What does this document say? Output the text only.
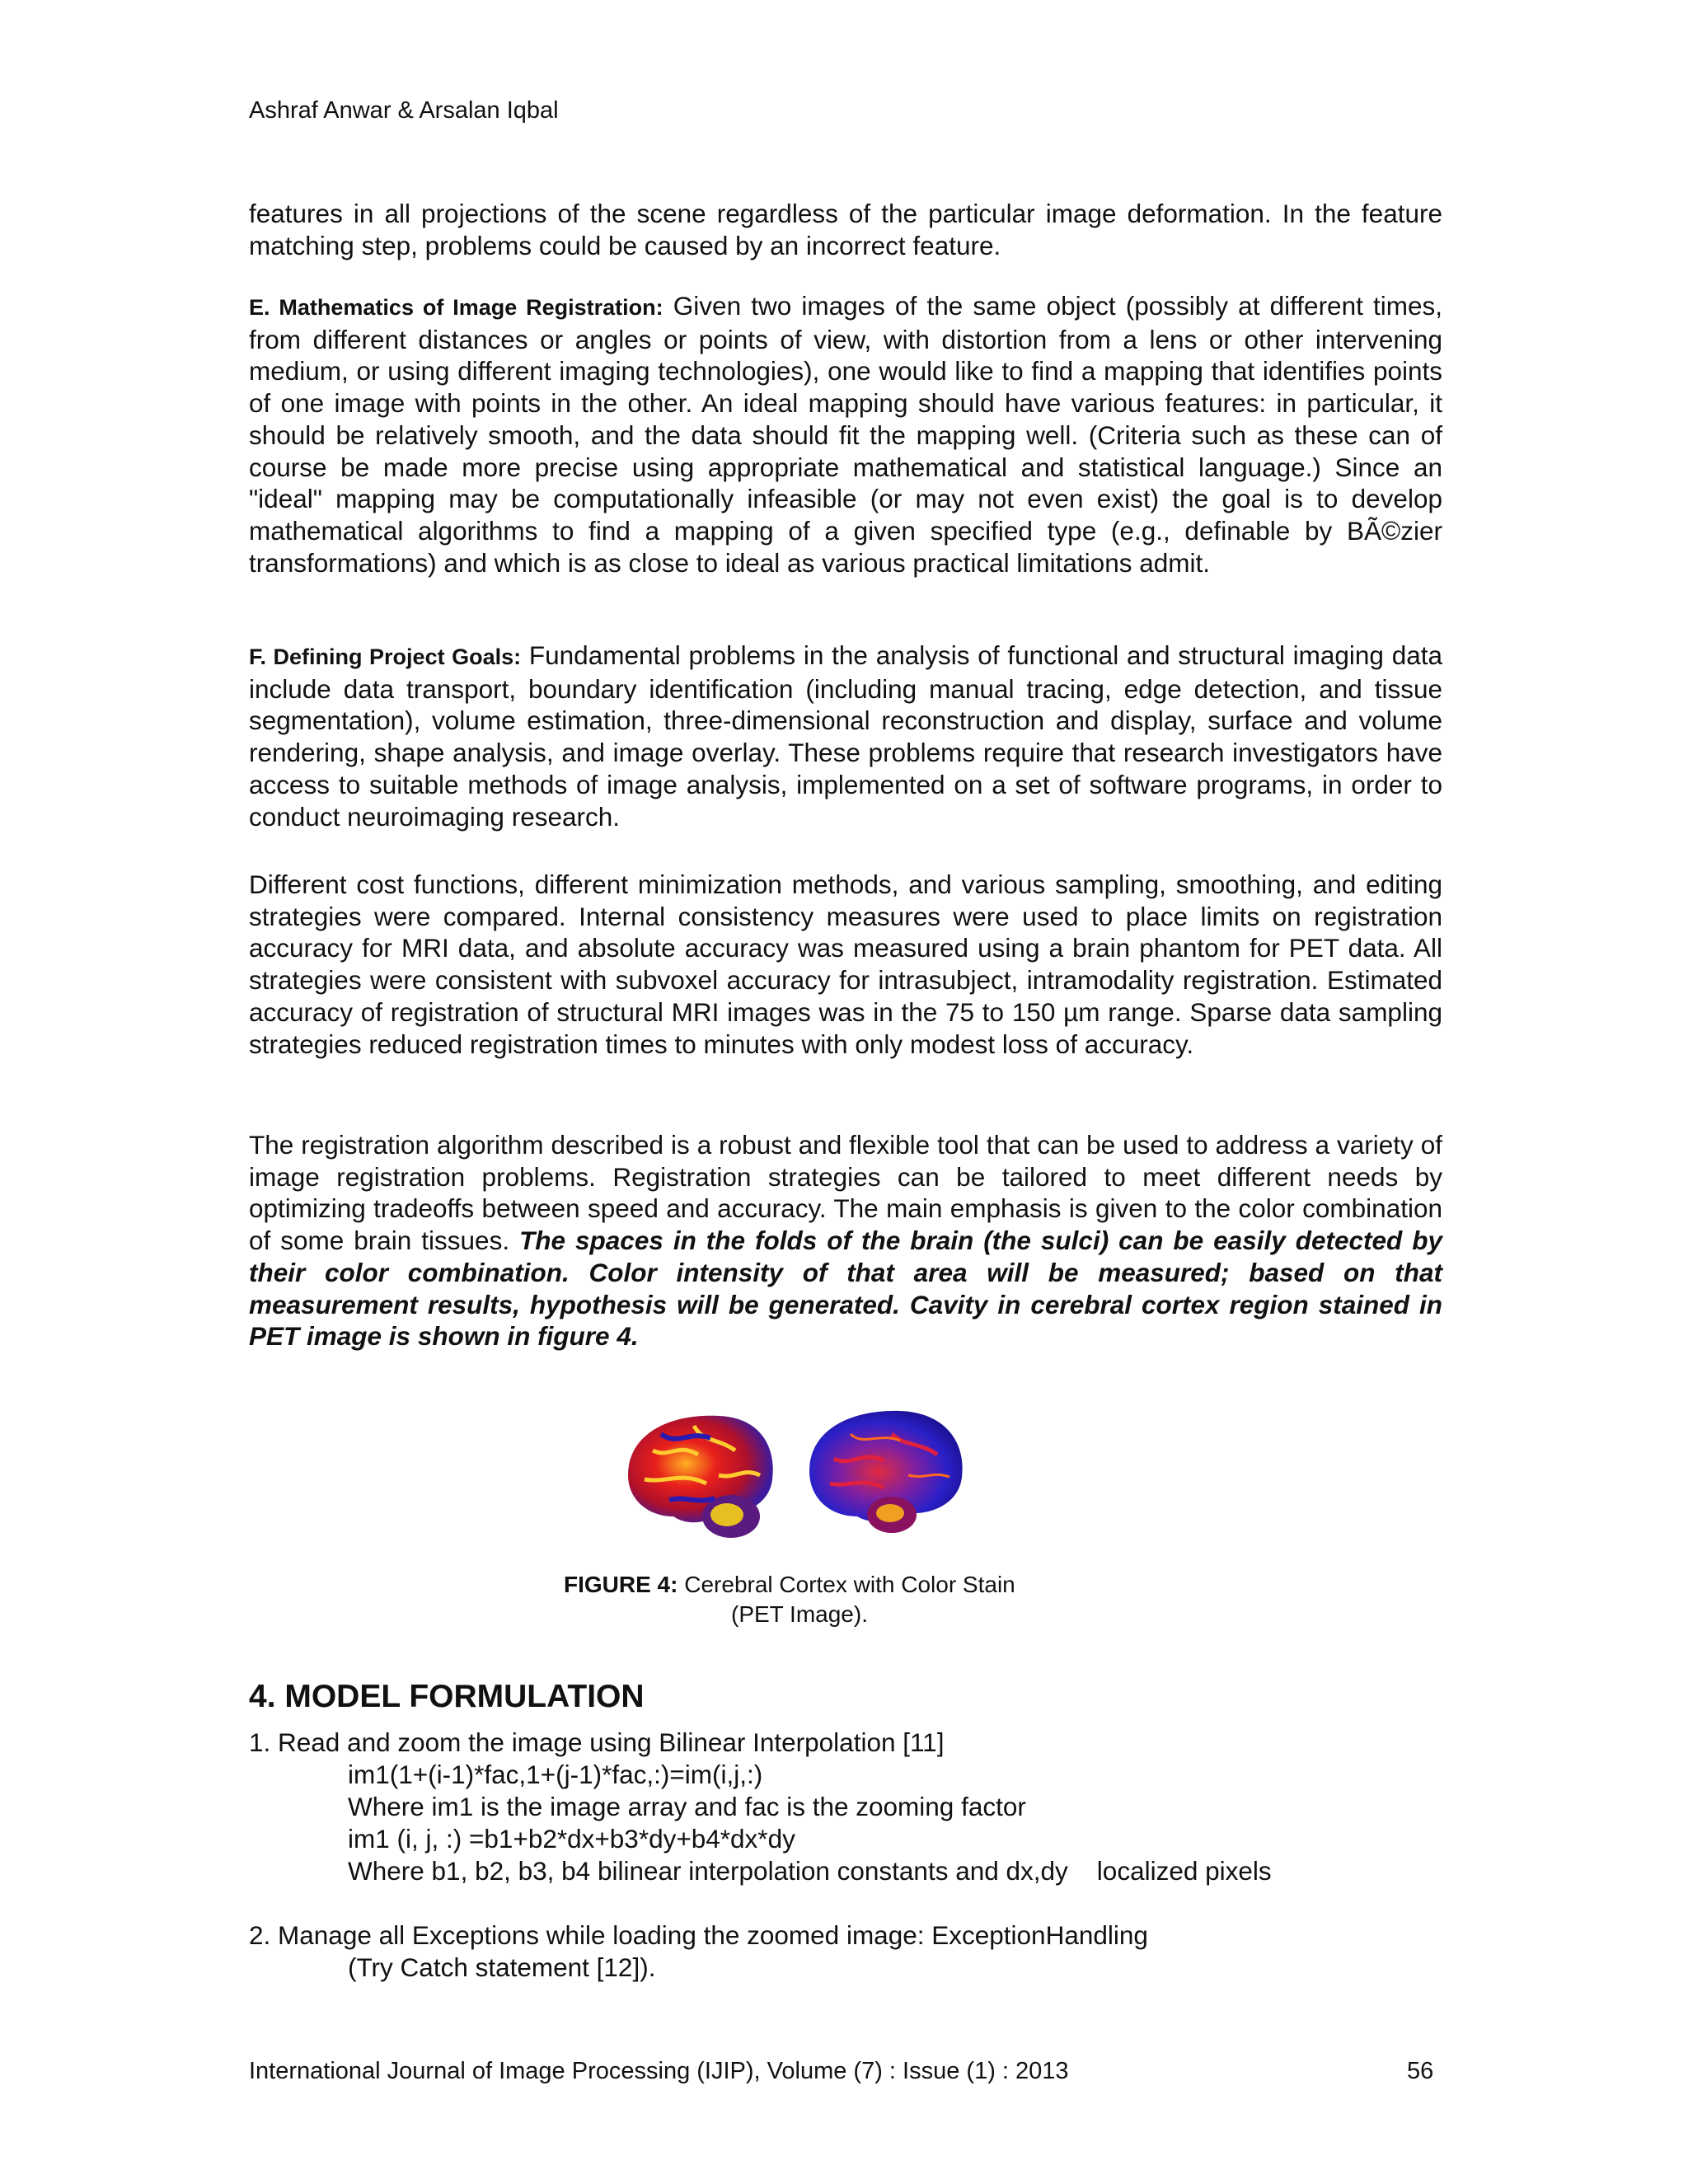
Ashraf Anwar & Arsalan Iqbal

features in all projections of the scene regardless of the particular image deformation. In the feature matching step, problems could be caused by an incorrect feature.

E. Mathematics of Image Registration: Given two images of the same object (possibly at different times, from different distances or angles or points of view, with distortion from a lens or other intervening medium, or using different imaging technologies), one would like to find a mapping that identifies points of one image with points in the other. An ideal mapping should have various features: in particular, it should be relatively smooth, and the data should fit the mapping well. (Criteria such as these can of course be made more precise using appropriate mathematical and statistical language.) Since an "ideal" mapping may be computationally infeasible (or may not even exist) the goal is to develop mathematical algorithms to find a mapping of a given specified type (e.g., definable by BÃ©zier transformations) and which is as close to ideal as various practical limitations admit.

F. Defining Project Goals: Fundamental problems in the analysis of functional and structural imaging data include data transport, boundary identification (including manual tracing, edge detection, and tissue segmentation), volume estimation, three-dimensional reconstruction and display, surface and volume rendering, shape analysis, and image overlay. These problems require that research investigators have access to suitable methods of image analysis, implemented on a set of software programs, in order to conduct neuroimaging research.

Different cost functions, different minimization methods, and various sampling, smoothing, and editing strategies were compared. Internal consistency measures were used to place limits on registration accuracy for MRI data, and absolute accuracy was measured using a brain phantom for PET data. All strategies were consistent with subvoxel accuracy for intrasubject, intramodality registration. Estimated accuracy of registration of structural MRI images was in the 75 to 150 µm range. Sparse data sampling strategies reduced registration times to minutes with only modest loss of accuracy.

The registration algorithm described is a robust and flexible tool that can be used to address a variety of image registration problems. Registration strategies can be tailored to meet different needs by optimizing tradeoffs between speed and accuracy. The main emphasis is given to the color combination of some brain tissues. The spaces in the folds of the brain (the sulci) can be easily detected by their color combination. Color intensity of that area will be measured; based on that measurement results, hypothesis will be generated. Cavity in cerebral cortex region stained in PET image is shown in figure 4.

FIGURE 4: Cerebral Cortex with Color Stain
(PET Image).
4. MODEL FORMULATION
1. Read and zoom the image using Bilinear Interpolation [11]
im1(1+(i-1)*fac,1+(j-1)*fac,:)=im(i,j,:)
Where im1 is the image array and fac is the zooming factor
im1 (i, j, :) =b1+b2*dx+b3*dy+b4*dx*dy
Where b1, b2, b3, b4 bilinear interpolation constants and dx,dy    localized pixels
2. Manage all Exceptions while loading the zoomed image: ExceptionHandling
(Try Catch statement [12]).
International Journal of Image Processing (IJIP), Volume (7) : Issue (1) : 2013	56
